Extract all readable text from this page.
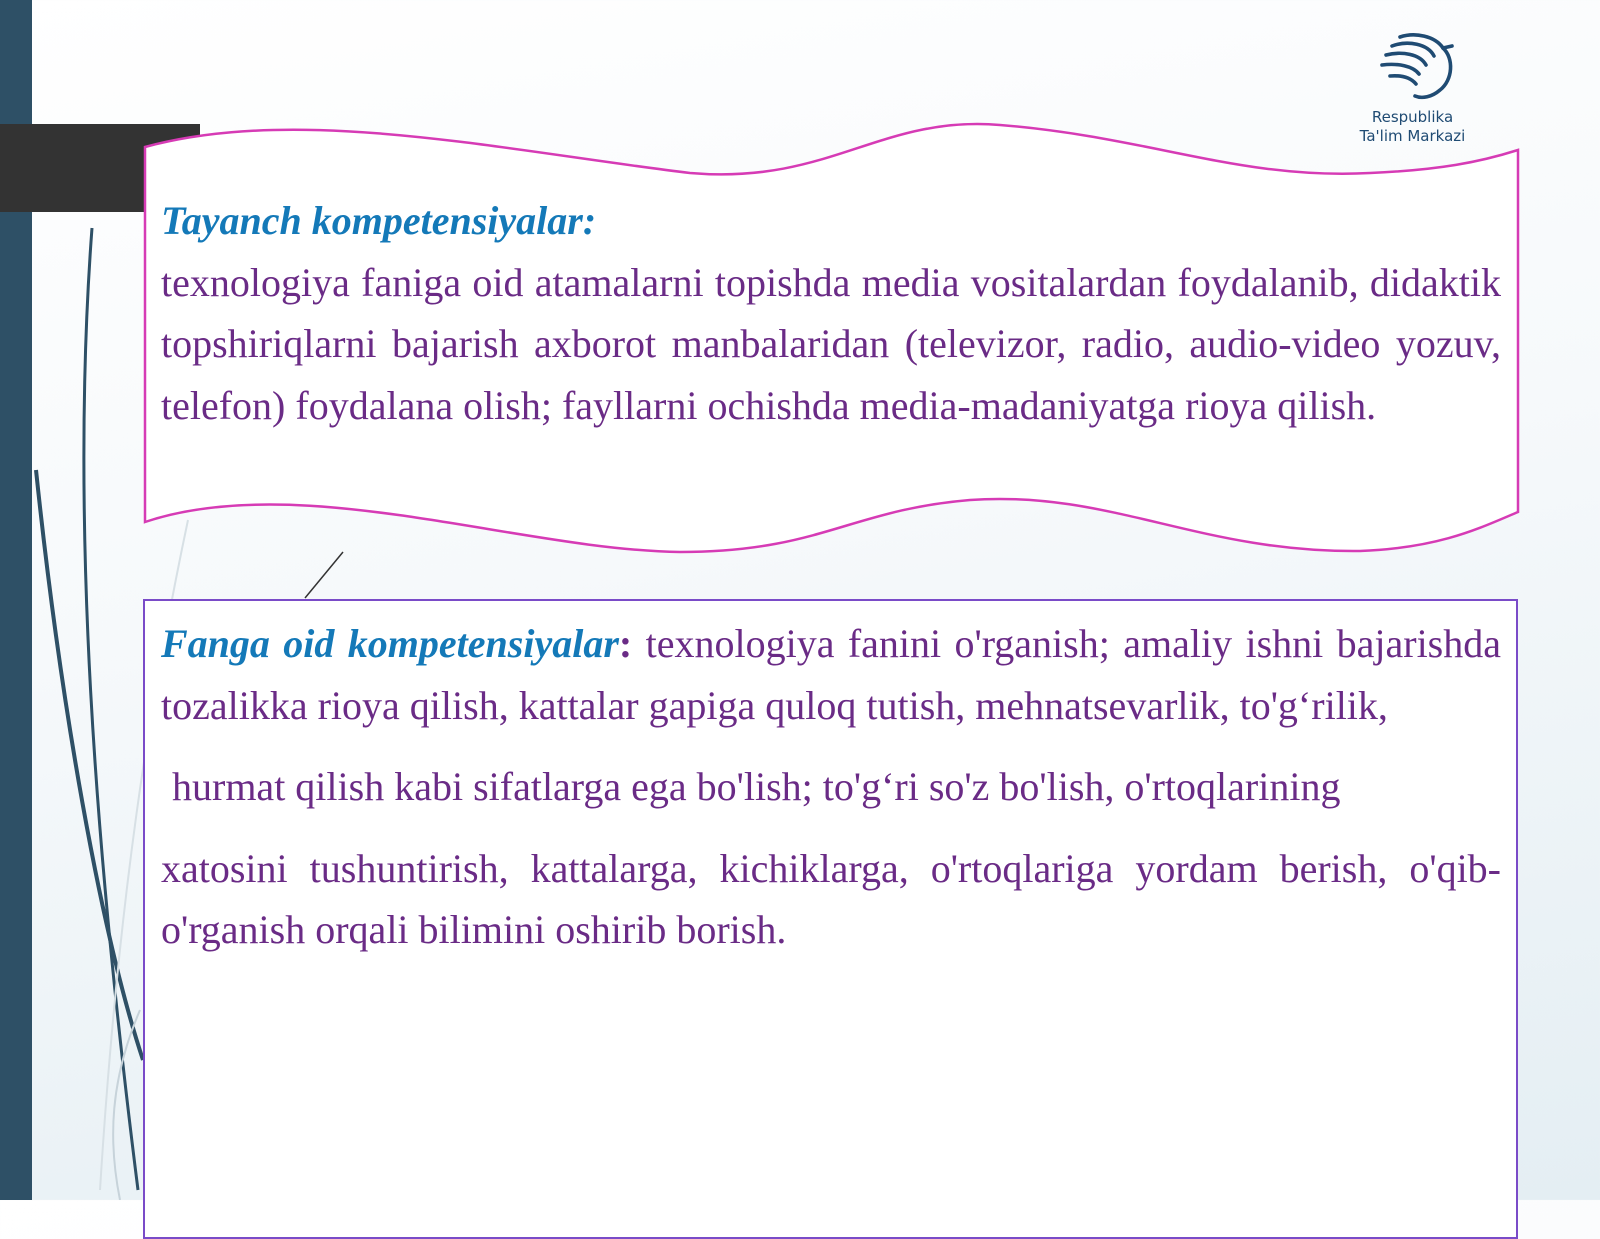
Respublika
Ta'lim Markazi
Tayanch kompetensiyalar:
texnologiya faniga oid atamalarni topishda media vositalardan foydalanib, didaktik topshiriqlarni bajarish axborot manbalaridan (televizor, radio, audio-video yozuv, telefon) foydalana olish; fayllarni ochishda media-madaniyatga rioya qilish.

Fanga oid kompetensiyalar: texnologiya fanini o'rganish; amaliy ishni bajarishda tozalikka rioya qilish, kattalar gapiga quloq tutish, mehnatsevarlik, to'g‘rilik,

hurmat qilish kabi sifatlarga ega bo'lish; to'g‘ri so'z bo'lish, o'rtoqlarining

xatosini tushuntirish, kattalarga, kichiklarga, o'rtoqlariga yordam berish, o'qib-o'rganish orqali bilimini oshirib borish.
